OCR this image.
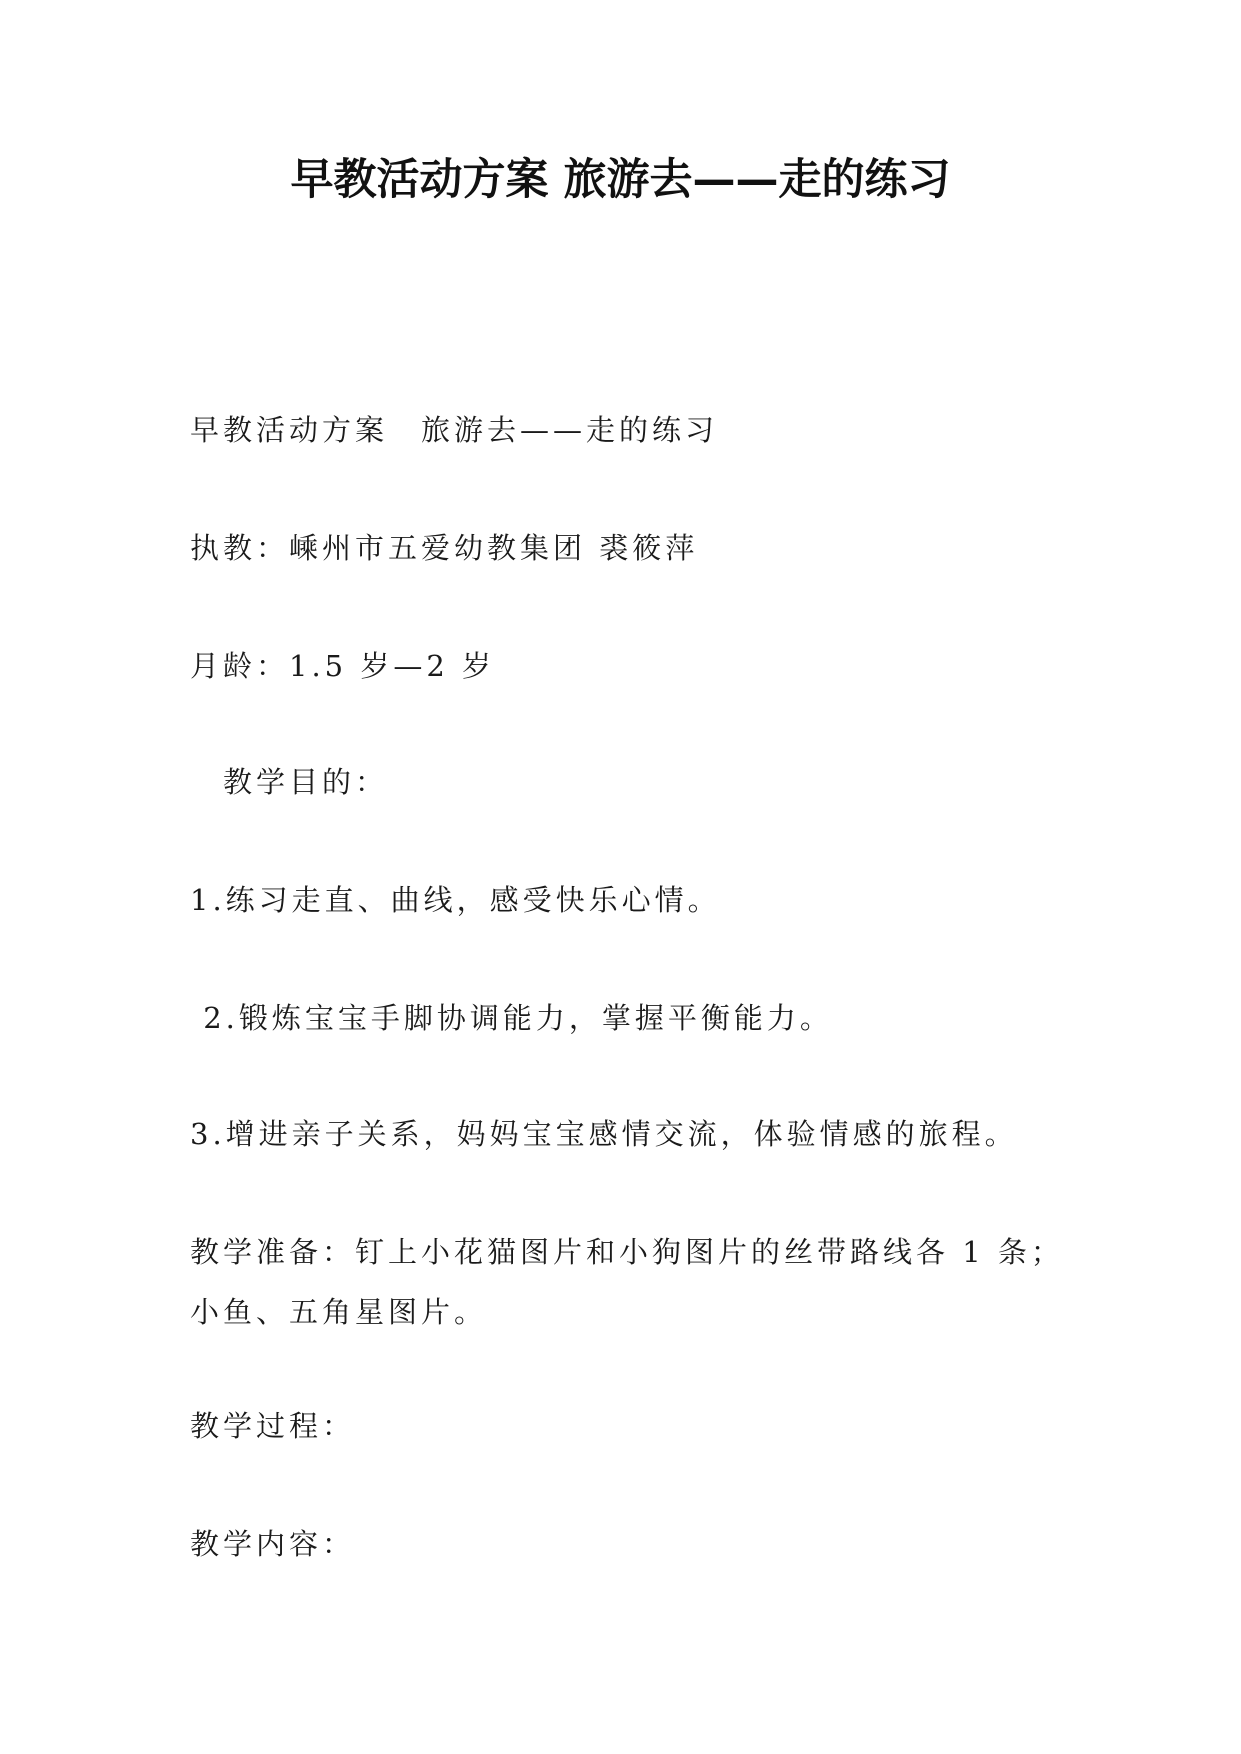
早教活动方案 旅游去——走的练习

早教活动方案　旅游去——走的练习

执教：嵊州市五爱幼教集团 裘筱萍

月龄：1.5 岁—2 岁

　教学目的：

1.练习走直、曲线，感受快乐心情。

2.锻炼宝宝手脚协调能力，掌握平衡能力。

3.增进亲子关系，妈妈宝宝感情交流，体验情感的旅程。

教学准备：钉上小花猫图片和小狗图片的丝带路线各 1 条；小鱼、五角星图片。

教学过程：

教学内容：
